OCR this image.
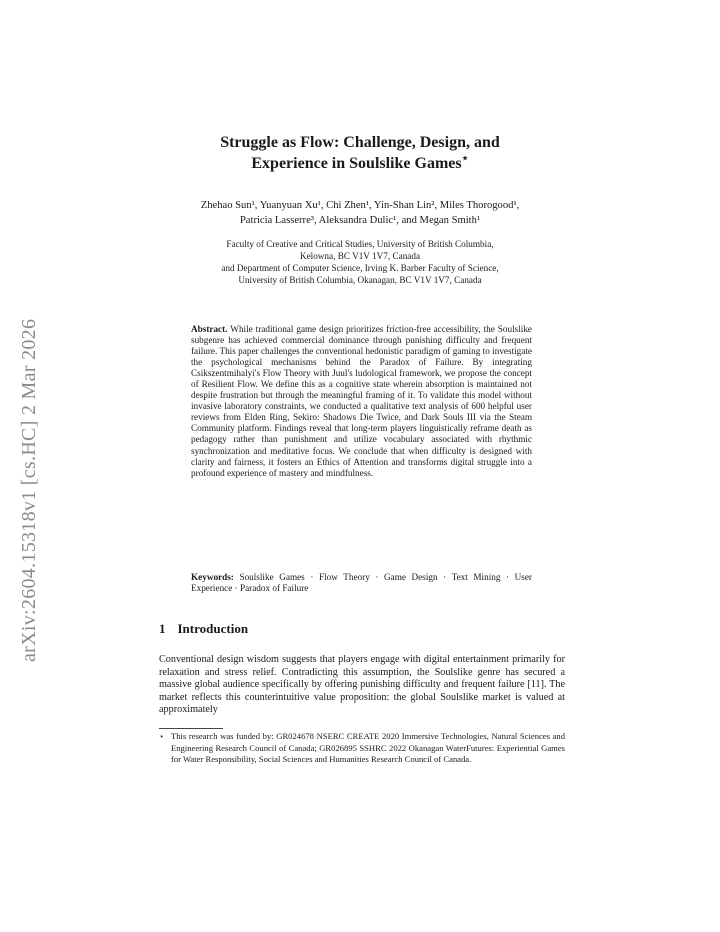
arXiv:2604.15318v1 [cs.HC] 2 Mar 2026
Struggle as Flow: Challenge, Design, and
Experience in Soulslike Games⋆
Zhehao Sun¹, Yuanyuan Xu¹, Chi Zhen¹, Yin-Shan Lin², Miles Thorogood¹,
Patricia Lasserre³, Aleksandra Dulic¹, and Megan Smith¹
Faculty of Creative and Critical Studies, University of British Columbia,
Kelowna, BC V1V 1V7, Canada
and Department of Computer Science, Irving K. Barber Faculty of Science,
University of British Columbia, Okanagan, BC V1V 1V7, Canada
Abstract. While traditional game design prioritizes friction-free accessibility, the Soulslike subgenre has achieved commercial dominance through punishing difficulty and frequent failure. This paper challenges the conventional hedonistic paradigm of gaming to investigate the psychological mechanisms behind the Paradox of Failure. By integrating Csikszentmihalyi's Flow Theory with Juul's ludological framework, we propose the concept of Resilient Flow. We define this as a cognitive state wherein absorption is maintained not despite frustration but through the meaningful framing of it. To validate this model without invasive laboratory constraints, we conducted a qualitative text analysis of 600 helpful user reviews from Elden Ring, Sekiro: Shadows Die Twice, and Dark Souls III via the Steam Community platform. Findings reveal that long-term players linguistically reframe death as pedagogy rather than punishment and utilize vocabulary associated with rhythmic synchronization and meditative focus. We conclude that when difficulty is designed with clarity and fairness, it fosters an Ethics of Attention and transforms digital struggle into a profound experience of mastery and mindfulness.
Keywords: Soulslike Games · Flow Theory · Game Design · Text Mining · User Experience · Paradox of Failure
1 Introduction
Conventional design wisdom suggests that players engage with digital entertainment primarily for relaxation and stress relief. Contradicting this assumption, the Soulslike genre has secured a massive global audience specifically by offering punishing difficulty and frequent failure [11]. The market reflects this counterintuitive value proposition: the global Soulslike market is valued at approximately
⋆ This research was funded by: GR024678 NSERC CREATE 2020 Immersive Technologies, Natural Sciences and Engineering Research Council of Canada; GR026895 SSHRC 2022 Okanagan WaterFutures: Experiential Games for Water Responsibility, Social Sciences and Humanities Research Council of Canada.
